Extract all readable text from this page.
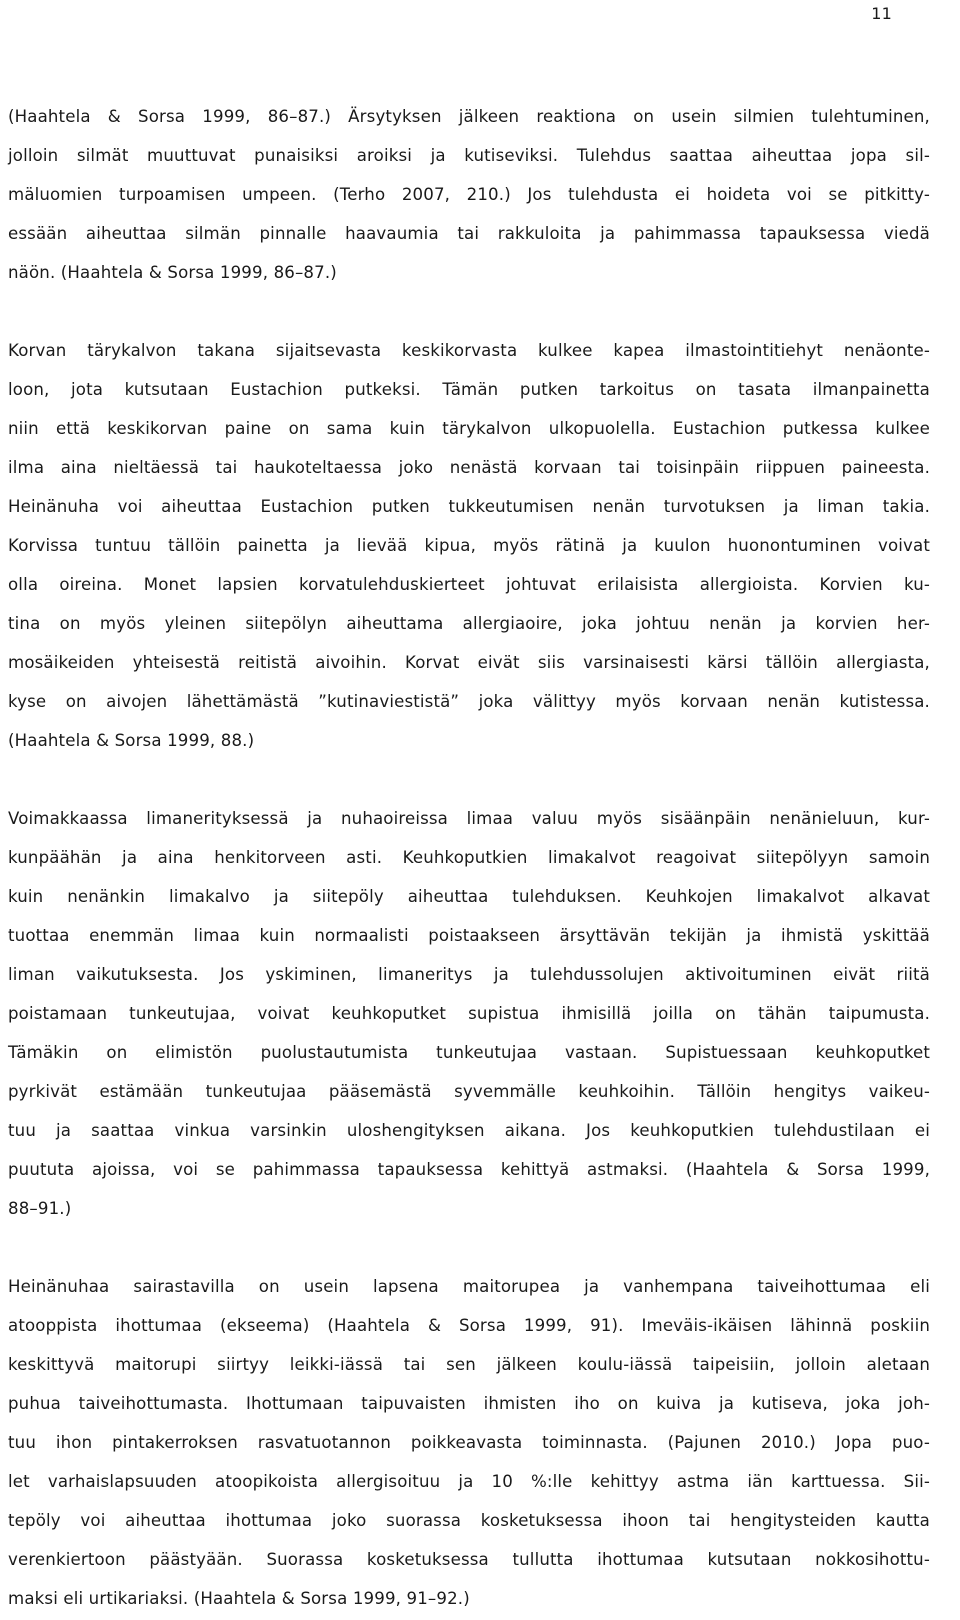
11
(Haahtela & Sorsa 1999, 86–87.) Ärsytyksen jälkeen reaktiona on usein silmien tulehtuminen,
jolloin silmät muuttuvat punaisiksi aroiksi ja kutiseviksi. Tulehdus saattaa aiheuttaa jopa sil-
mäluomien turpoamisen umpeen. (Terho 2007, 210.) Jos tulehdusta ei hoideta voi se pitkitty-
essään aiheuttaa silmän pinnalle haavaumia tai rakkuloita ja pahimmassa tapauksessa viedä
näön. (Haahtela & Sorsa 1999, 86–87.)
Korvan tärykalvon takana sijaitsevasta keskikorvasta kulkee kapea ilmastointitiehyt nenäonte-
loon, jota kutsutaan Eustachion putkeksi. Tämän putken tarkoitus on tasata ilmanpainetta
niin että keskikorvan paine on sama kuin tärykalvon ulkopuolella. Eustachion putkessa kulkee
ilma aina nieltäessä tai haukoteltaessa joko nenästä korvaan tai toisinpäin riippuen paineesta.
Heinänuha voi aiheuttaa Eustachion putken tukkeutumisen nenän turvotuksen ja liman takia.
Korvissa tuntuu tällöin painetta ja lievää kipua, myös rätinä ja kuulon huonontuminen voivat
olla oireina. Monet lapsien korvatulehduskierteet johtuvat erilaisista allergioista. Korvien ku-
tina on myös yleinen siitepölyn aiheuttama allergiaoire, joka johtuu nenän ja korvien her-
mosäikeiden yhteisestä reitistä aivoihin. Korvat eivät siis varsinaisesti kärsi tällöin allergiasta,
kyse on aivojen lähettämästä ”kutinaviestistä” joka välittyy myös korvaan nenän kutistessa.
(Haahtela & Sorsa 1999, 88.)
Voimakkaassa limanerityksessä ja nuhaoireissa limaa valuu myös sisäänpäin nenänieluun, kur-
kunpäähän ja aina henkitorveen asti. Keuhkoputkien limakalvot reagoivat siitepölyyn samoin
kuin nenänkin limakalvo ja siitepöly aiheuttaa tulehduksen. Keuhkojen limakalvot alkavat
tuottaa enemmän limaa kuin normaalisti poistaakseen ärsyttävän tekijän ja ihmistä yskittää
liman vaikutuksesta. Jos yskiminen, limaneritys ja tulehdussolujen aktivoituminen eivät riitä
poistamaan tunkeutujaa, voivat keuhkoputket supistua ihmisillä joilla on tähän taipumusta.
Tämäkin on elimistön puolustautumista tunkeutujaa vastaan. Supistuessaan keuhkoputket
pyrkivät estämään tunkeutujaa pääsemästä syvemmälle keuhkoihin. Tällöin hengitys vaikeu-
tuu ja saattaa vinkua varsinkin uloshengityksen aikana. Jos keuhkoputkien tulehdustilaan ei
puututa ajoissa, voi se pahimmassa tapauksessa kehittyä astmaksi. (Haahtela & Sorsa 1999,
88–91.)
Heinänuhaa sairastavilla on usein lapsena maitorupea ja vanhempana taiveihottumaa eli
atooppista ihottumaa (ekseema) (Haahtela & Sorsa 1999, 91). Imeväis-ikäisen lähinnä poskiin
keskittyvä maitorupi siirtyy leikki-iässä tai sen jälkeen koulu-iässä taipeisiin, jolloin aletaan
puhua taiveihottumasta. Ihottumaan taipuvaisten ihmisten iho on kuiva ja kutiseva, joka joh-
tuu ihon pintakerroksen rasvatuotannon poikkeavasta toiminnasta. (Pajunen 2010.) Jopa puo-
let varhaislapsuuden atoopikoista allergisoituu ja 10 %:lle kehittyy astma iän karttuessa. Sii-
tepöly voi aiheuttaa ihottumaa joko suorassa kosketuksessa ihoon tai hengitysteiden kautta
verenkiertoon päästyään. Suorassa kosketuksessa tullutta ihottumaa kutsutaan nokkosihottu-
maksi eli urtikariaksi. (Haahtela & Sorsa 1999, 91–92.)
